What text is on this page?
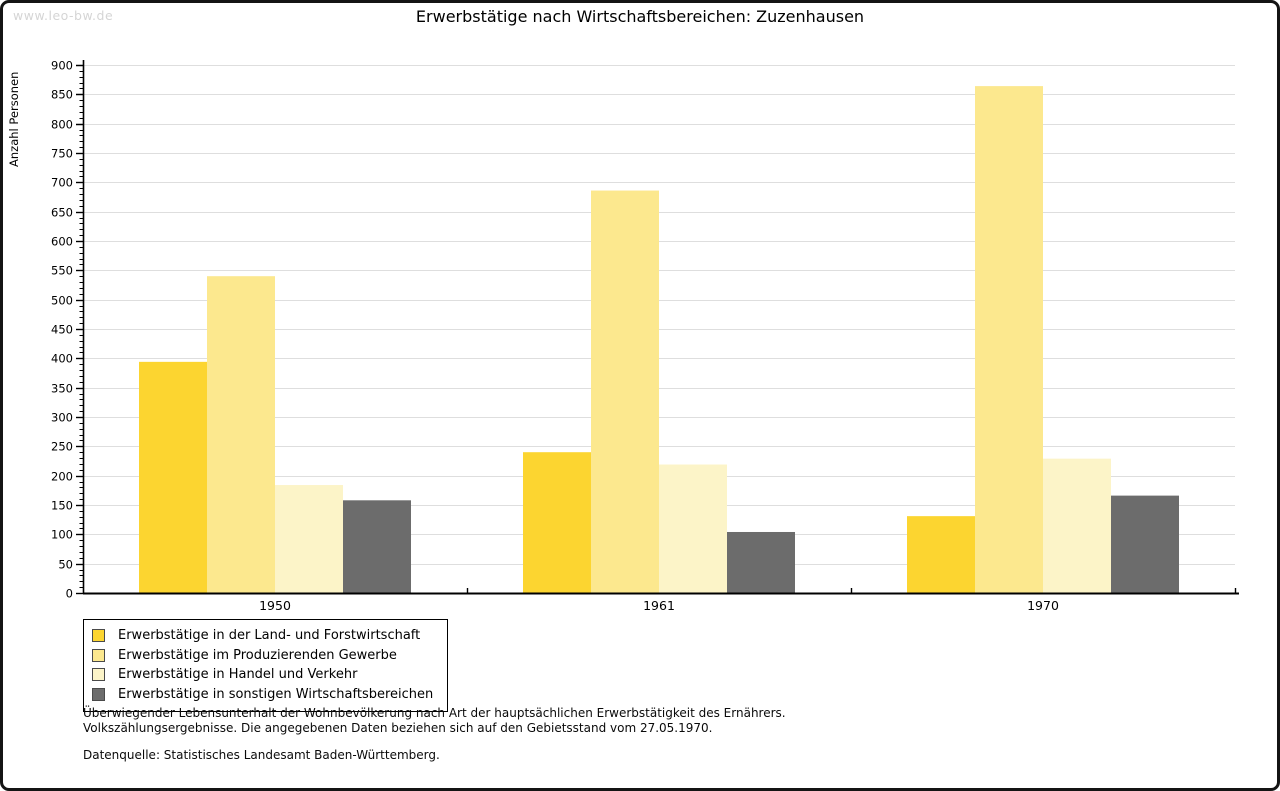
www.leo-bw.de	Erwerbstätige nach Wirtschaftsbereichen: Zuzenhausen
Anzahl Personen
0
50
100
150
200
250
300
350
400
450
500
550
600
650
700
750
800
850
900
1950	1961	1970
Erwerbstätige in der Land- und Forstwirtschaft
Erwerbstätige im Produzierenden Gewerbe
Erwerbstätige in Handel und Verkehr
Erwerbstätige in sonstigen Wirtschaftsbereichen
Überwiegender Lebensunterhalt der Wohnbevölkerung nach Art der hauptsächlichen Erwerbstätigkeit des Ernährers.
Volkszählungsergebnisse. Die angegebenen Daten beziehen sich auf den Gebietsstand vom 27.05.1970.
Datenquelle: Statistisches Landesamt Baden-Württemberg.
